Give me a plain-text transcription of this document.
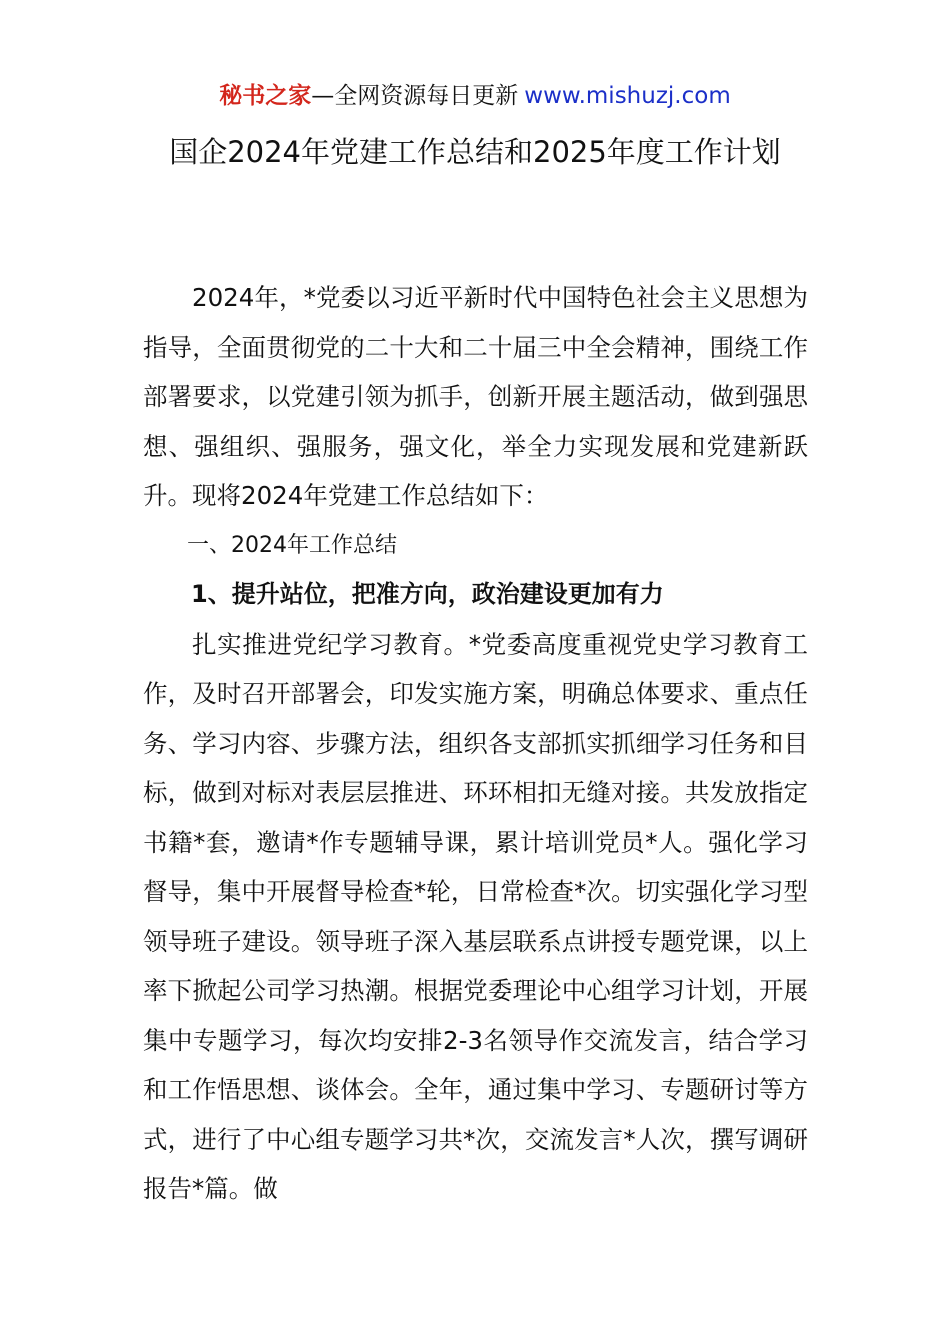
秘书之家—全网资源每日更新 www.mishuzj.com
国企2024年党建工作总结和2025年度工作计划

2024年，*党委以习近平新时代中国特色社会主义思想为指导，全面贯彻党的二十大和二十届三中全会精神，围绕工作部署要求，以党建引领为抓手，创新开展主题活动，做到强思想、强组织、强服务，强文化，举全力实现发展和党建新跃升。现将2024年党建工作总结如下：

一、2024年工作总结

1、提升站位，把准方向，政治建设更加有力

扎实推进党纪学习教育。*党委高度重视党史学习教育工作，及时召开部署会，印发实施方案，明确总体要求、重点任务、学习内容、步骤方法，组织各支部抓实抓细学习任务和目标，做到对标对表层层推进、环环相扣无缝对接。共发放指定书籍*套，邀请*作专题辅导课，累计培训党员*人。强化学习督导，集中开展督导检查*轮，日常检查*次。切实强化学习型领导班子建设。领导班子深入基层联系点讲授专题党课，以上率下掀起公司学习热潮。根据党委理论中心组学习计划，开展集中专题学习，每次均安排2-3名领导作交流发言，结合学习和工作悟思想、谈体会。全年，通过集中学习、专题研讨等方式，进行了中心组专题学习共*次，交流发言*人次，撰写调研报告*篇。做
